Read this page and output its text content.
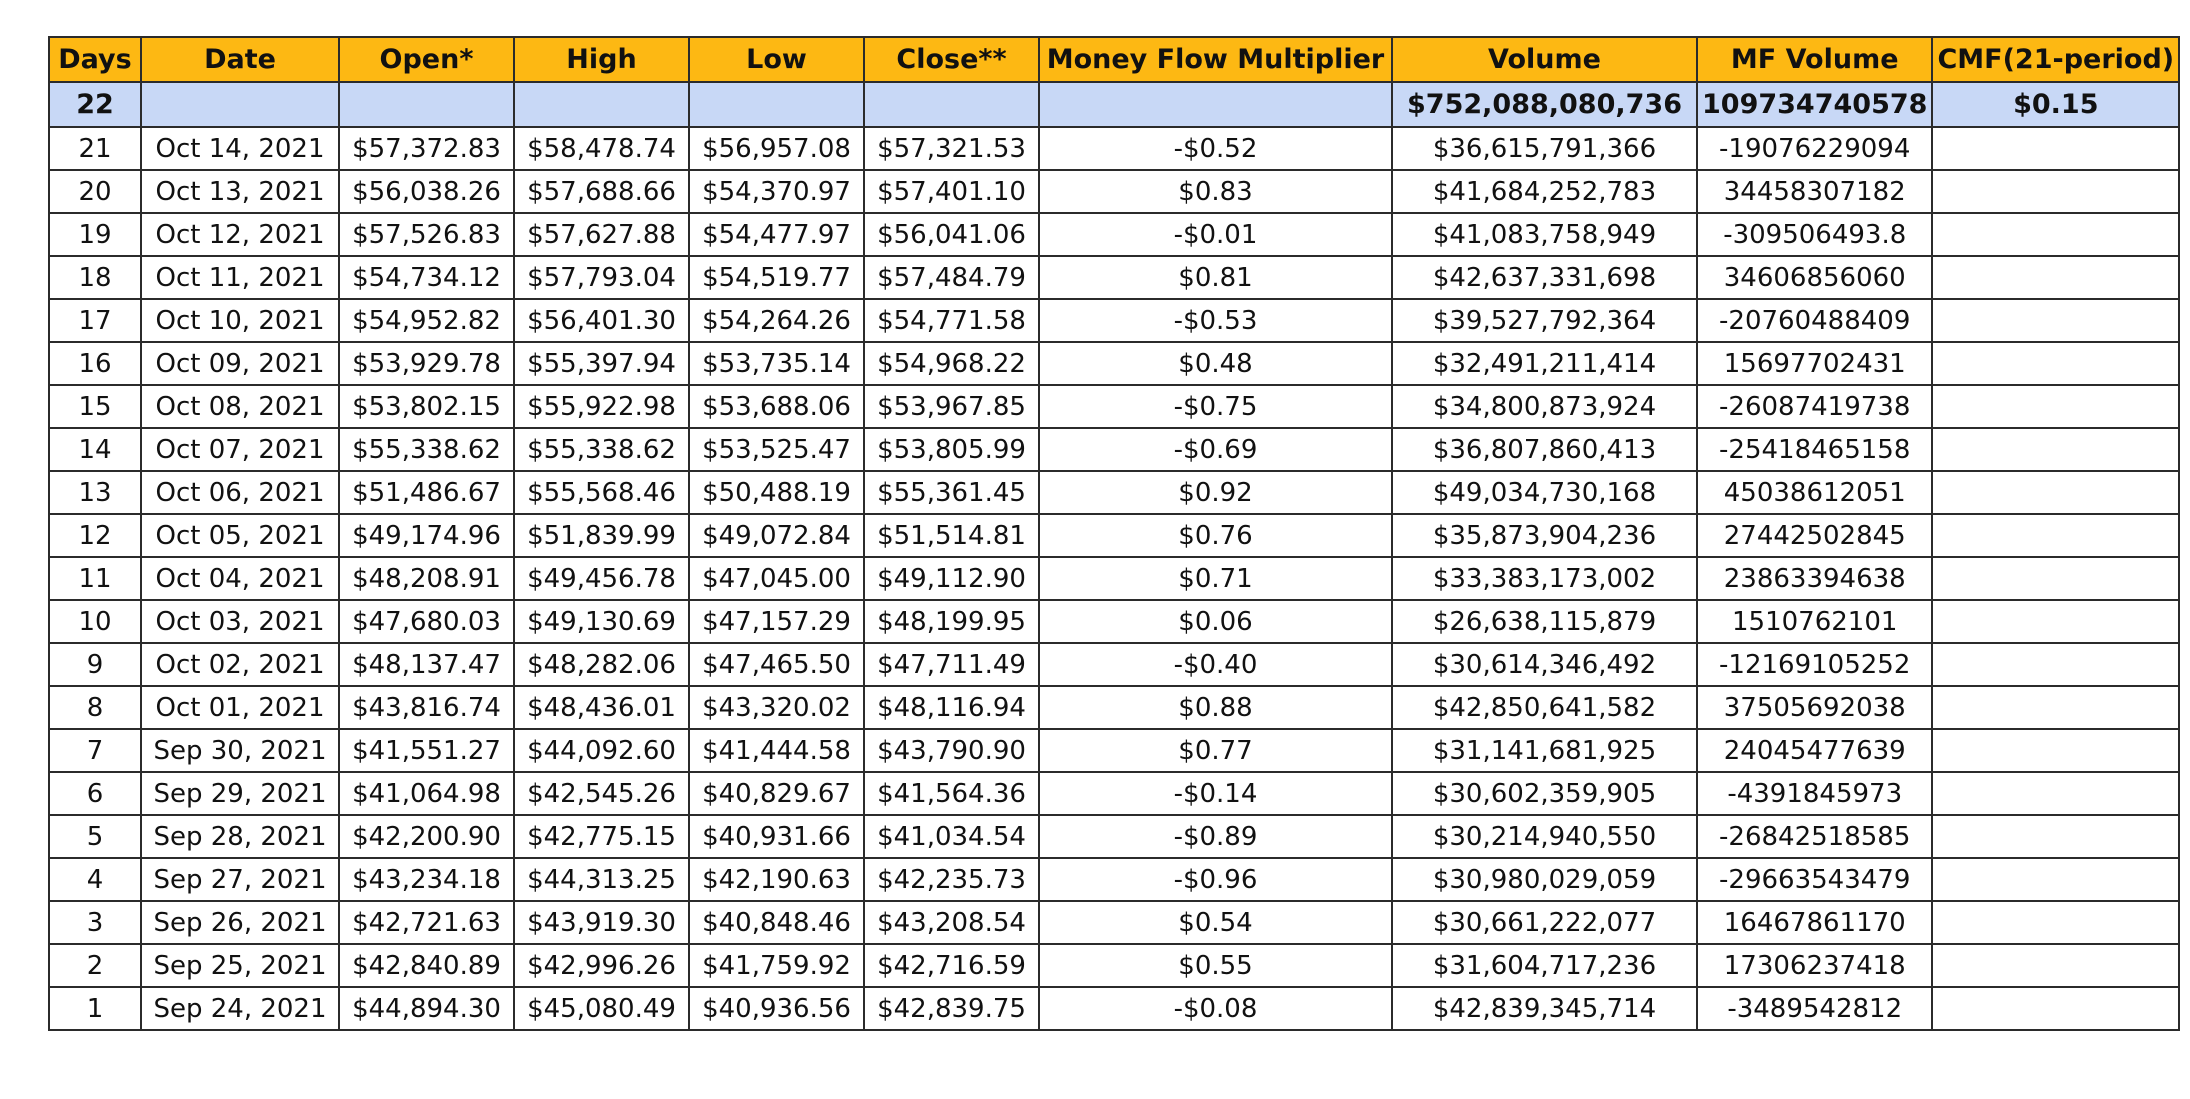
Days	Date	Open*	High	Low	Close**	Money Flow Multiplier	Volume	MF Volume	CMF(21-period)
22							$752,088,080,736	109734740578	$0.15
21	Oct 14, 2021	$57,372.83	$58,478.74	$56,957.08	$57,321.53	-$0.52	$36,615,791,366	-19076229094	
20	Oct 13, 2021	$56,038.26	$57,688.66	$54,370.97	$57,401.10	$0.83	$41,684,252,783	34458307182	
19	Oct 12, 2021	$57,526.83	$57,627.88	$54,477.97	$56,041.06	-$0.01	$41,083,758,949	-309506493.8	
18	Oct 11, 2021	$54,734.12	$57,793.04	$54,519.77	$57,484.79	$0.81	$42,637,331,698	34606856060	
17	Oct 10, 2021	$54,952.82	$56,401.30	$54,264.26	$54,771.58	-$0.53	$39,527,792,364	-20760488409	
16	Oct 09, 2021	$53,929.78	$55,397.94	$53,735.14	$54,968.22	$0.48	$32,491,211,414	15697702431	
15	Oct 08, 2021	$53,802.15	$55,922.98	$53,688.06	$53,967.85	-$0.75	$34,800,873,924	-26087419738	
14	Oct 07, 2021	$55,338.62	$55,338.62	$53,525.47	$53,805.99	-$0.69	$36,807,860,413	-25418465158	
13	Oct 06, 2021	$51,486.67	$55,568.46	$50,488.19	$55,361.45	$0.92	$49,034,730,168	45038612051	
12	Oct 05, 2021	$49,174.96	$51,839.99	$49,072.84	$51,514.81	$0.76	$35,873,904,236	27442502845	
11	Oct 04, 2021	$48,208.91	$49,456.78	$47,045.00	$49,112.90	$0.71	$33,383,173,002	23863394638	
10	Oct 03, 2021	$47,680.03	$49,130.69	$47,157.29	$48,199.95	$0.06	$26,638,115,879	1510762101	
9	Oct 02, 2021	$48,137.47	$48,282.06	$47,465.50	$47,711.49	-$0.40	$30,614,346,492	-12169105252	
8	Oct 01, 2021	$43,816.74	$48,436.01	$43,320.02	$48,116.94	$0.88	$42,850,641,582	37505692038	
7	Sep 30, 2021	$41,551.27	$44,092.60	$41,444.58	$43,790.90	$0.77	$31,141,681,925	24045477639	
6	Sep 29, 2021	$41,064.98	$42,545.26	$40,829.67	$41,564.36	-$0.14	$30,602,359,905	-4391845973	
5	Sep 28, 2021	$42,200.90	$42,775.15	$40,931.66	$41,034.54	-$0.89	$30,214,940,550	-26842518585	
4	Sep 27, 2021	$43,234.18	$44,313.25	$42,190.63	$42,235.73	-$0.96	$30,980,029,059	-29663543479	
3	Sep 26, 2021	$42,721.63	$43,919.30	$40,848.46	$43,208.54	$0.54	$30,661,222,077	16467861170	
2	Sep 25, 2021	$42,840.89	$42,996.26	$41,759.92	$42,716.59	$0.55	$31,604,717,236	17306237418	
1	Sep 24, 2021	$44,894.30	$45,080.49	$40,936.56	$42,839.75	-$0.08	$42,839,345,714	-3489542812	
